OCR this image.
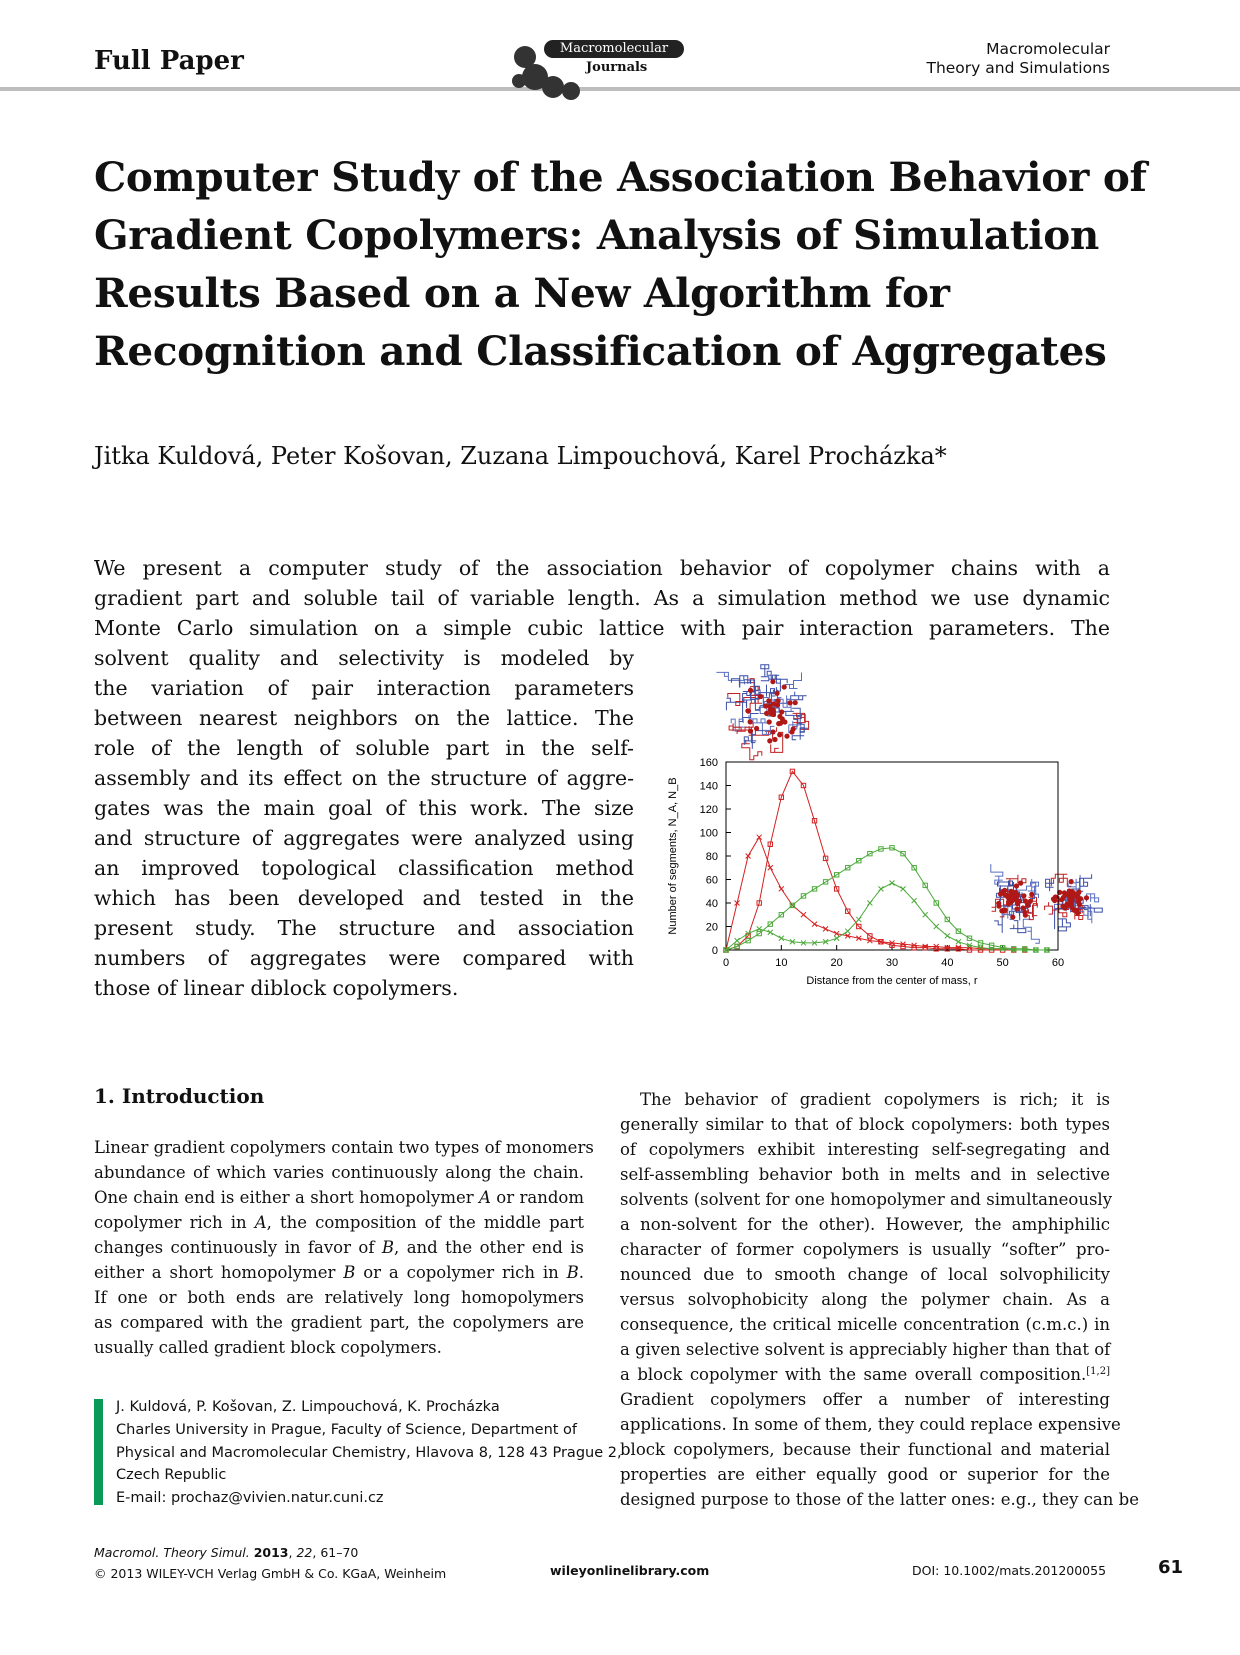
Full Paper	Macromolecular
Journals
Macromolecular
Theory and Simulations
Computer Study of the Association Behavior of Gradient Copolymers: Analysis of Simulation Results Based on a New Algorithm for Recognition and Classification of Aggregates
Jitka Kuldová, Peter Košovan, Zuzana Limpouchová, Karel Procházka*
We present a computer study of the association behavior of copolymer chains with a
gradient part and soluble tail of variable length. As a simulation method we use dynamic
Monte Carlo simulation on a simple cubic lattice with pair interaction parameters. The
solvent quality and selectivity is modeled by
the variation of pair interaction parameters
between nearest neighbors on the lattice. The
role of the length of soluble part in the self-
assembly and its effect on the structure of aggre-
gates was the main goal of this work. The size
and structure of aggregates were analyzed using
an improved topological classification method
which has been developed and tested in the
present study. The structure and association
numbers of aggregates were compared with
those of linear diblock copolymers.
0	10	20	30	40	50	60
0
20
40
60
80
100
120
140
160
Distance from the center of mass, r
Number of segments, N_A, N_B
1. Introduction
Linear gradient copolymers contain two types of monomers
abundance of which varies continuously along the chain.
One chain end is either a short homopolymer A or random
copolymer rich in A, the composition of the middle part
changes continuously in favor of B, and the other end is
either a short homopolymer B or a copolymer rich in B.
If one or both ends are relatively long homopolymers
as compared with the gradient part, the copolymers are
usually called gradient block copolymers.
The behavior of gradient copolymers is rich; it is
generally similar to that of block copolymers: both types
of copolymers exhibit interesting self-segregating and
self-assembling behavior both in melts and in selective
solvents (solvent for one homopolymer and simultaneously
a non-solvent for the other). However, the amphiphilic
character of former copolymers is usually “softer” pro-
nounced due to smooth change of local solvophilicity
versus solvophobicity along the polymer chain. As a
consequence, the critical micelle concentration (c.m.c.) in
a given selective solvent is appreciably higher than that of
a block copolymer with the same overall composition.[1,2]
Gradient copolymers offer a number of interesting
applications. In some of them, they could replace expensive
block copolymers, because their functional and material
properties are either equally good or superior for the
designed purpose to those of the latter ones: e.g., they can be
J. Kuldová, P. Košovan, Z. Limpouchová, K. Procházka
Charles University in Prague, Faculty of Science, Department of
Physical and Macromolecular Chemistry, Hlavova 8, 128 43 Prague 2,
Czech Republic
E-mail: prochaz@vivien.natur.cuni.cz
Macromol. Theory Simul. 2013, 22, 61–70
© 2013 WILEY-VCH Verlag GmbH & Co. KGaA, Weinheim	wileyonlinelibrary.com	DOI: 10.1002/mats.201200055	61
